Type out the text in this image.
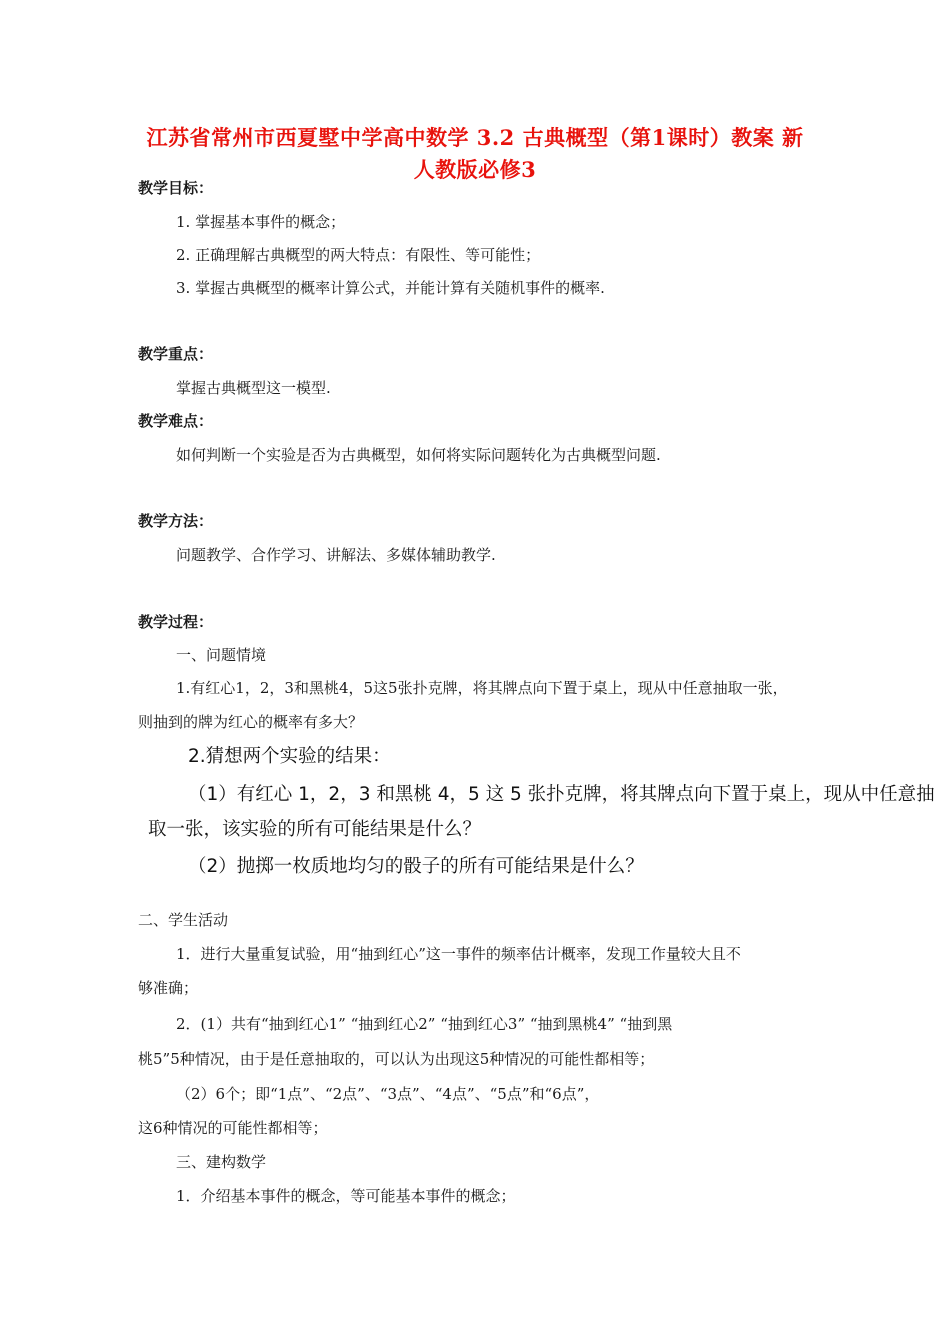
江苏省常州市西夏墅中学高中数学 3.2 古典概型（第1课时）教案 新
人教版必修3
教学目标：
1. 掌握基本事件的概念；
2. 正确理解古典概型的两大特点：有限性、等可能性；
3. 掌握古典概型的概率计算公式，并能计算有关随机事件的概率.
教学重点：
掌握古典概型这一模型.
教学难点：
如何判断一个实验是否为古典概型，如何将实际问题转化为古典概型问题.
教学方法：
问题教学、合作学习、讲解法、多媒体辅助教学.
教学过程：
一、问题情境
1.有红心1，2，3和黑桃4，5这5张扑克牌，将其牌点向下置于桌上，现从中任意抽取一张，
则抽到的牌为红心的概率有多大？
2.猜想两个实验的结果：
（1）有红心 1，2，3 和黑桃 4，5 这 5 张扑克牌，将其牌点向下置于桌上，现从中任意抽
取一张，该实验的所有可能结果是什么？
（2）抛掷一枚质地均匀的骰子的所有可能结果是什么？
二、学生活动
1．进行大量重复试验，用“抽到红心”这一事件的频率估计概率，发现工作量较大且不
够准确；
2．(1）共有“抽到红心1” “抽到红心2” “抽到红心3” “抽到黑桃4” “抽到黑
桃5”5种情况，由于是任意抽取的，可以认为出现这5种情况的可能性都相等；
（2）6个；即“1点”、“2点”、“3点”、“4点”、“5点”和“6点”，
这6种情况的可能性都相等；
三、建构数学
1．介绍基本事件的概念，等可能基本事件的概念；
